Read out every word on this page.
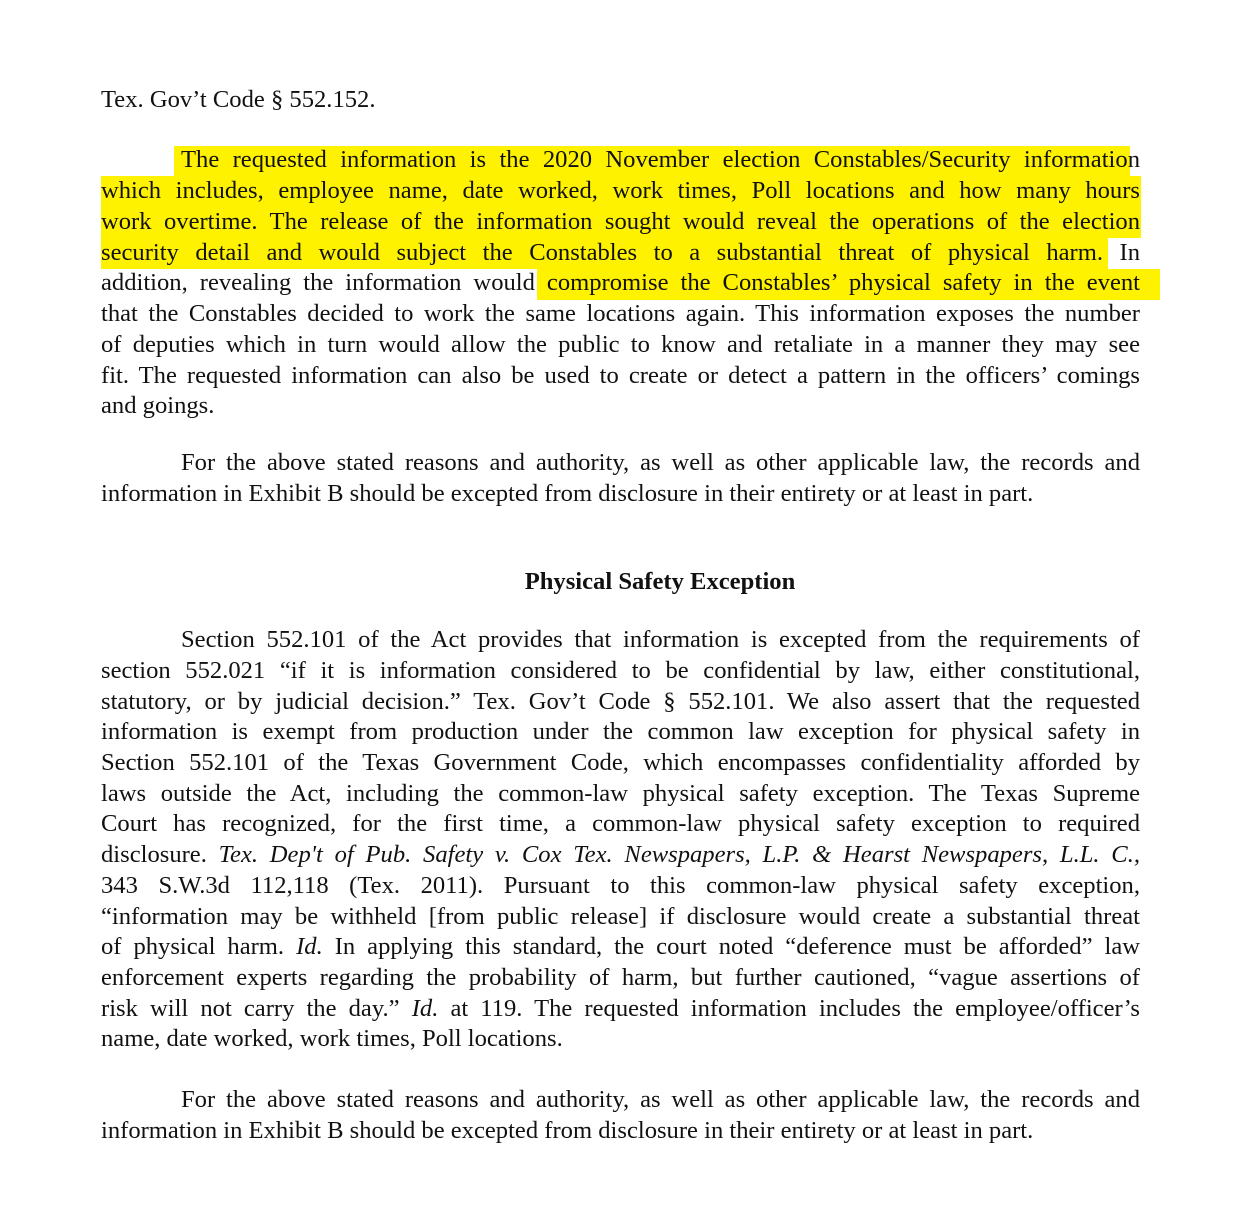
Tex. Gov’t Code § 552.152.
The requested information is the 2020 November election Constables/Security information
which includes, employee name, date worked, work times, Poll locations and how many hours
work overtime. The release of the information sought would reveal the operations of the election
security detail and would subject the Constables to a substantial threat of physical harm. In
addition, revealing the information would compromise the Constables’ physical safety in the event
that the Constables decided to work the same locations again. This information exposes the number
of deputies which in turn would allow the public to know and retaliate in a manner they may see
fit. The requested information can also be used to create or detect a pattern in the officers’ comings
and goings.
For the above stated reasons and authority, as well as other applicable law, the records and
information in Exhibit B should be excepted from disclosure in their entirety or at least in part.
Physical Safety Exception
Section 552.101 of the Act provides that information is excepted from the requirements of
section 552.021 “if it is information considered to be confidential by law, either constitutional,
statutory, or by judicial decision.” Tex. Gov’t Code § 552.101. We also assert that the requested
information is exempt from production under the common law exception for physical safety in
Section 552.101 of the Texas Government Code, which encompasses confidentiality afforded by
laws outside the Act, including the common-law physical safety exception. The Texas Supreme
Court has recognized, for the first time, a common-law physical safety exception to required
disclosure. Tex. Dep't of Pub. Safety v. Cox Tex. Newspapers, L.P. & Hearst Newspapers, L.L. C.,
343 S.W.3d 112,118 (Tex. 2011). Pursuant to this common-law physical safety exception,
“information may be withheld [from public release] if disclosure would create a substantial threat
of physical harm. Id. In applying this standard, the court noted “deference must be afforded” law
enforcement experts regarding the probability of harm, but further cautioned, “vague assertions of
risk will not carry the day.” Id. at 119. The requested information includes the employee/officer’s
name, date worked, work times, Poll locations.
For the above stated reasons and authority, as well as other applicable law, the records and
information in Exhibit B should be excepted from disclosure in their entirety or at least in part.
